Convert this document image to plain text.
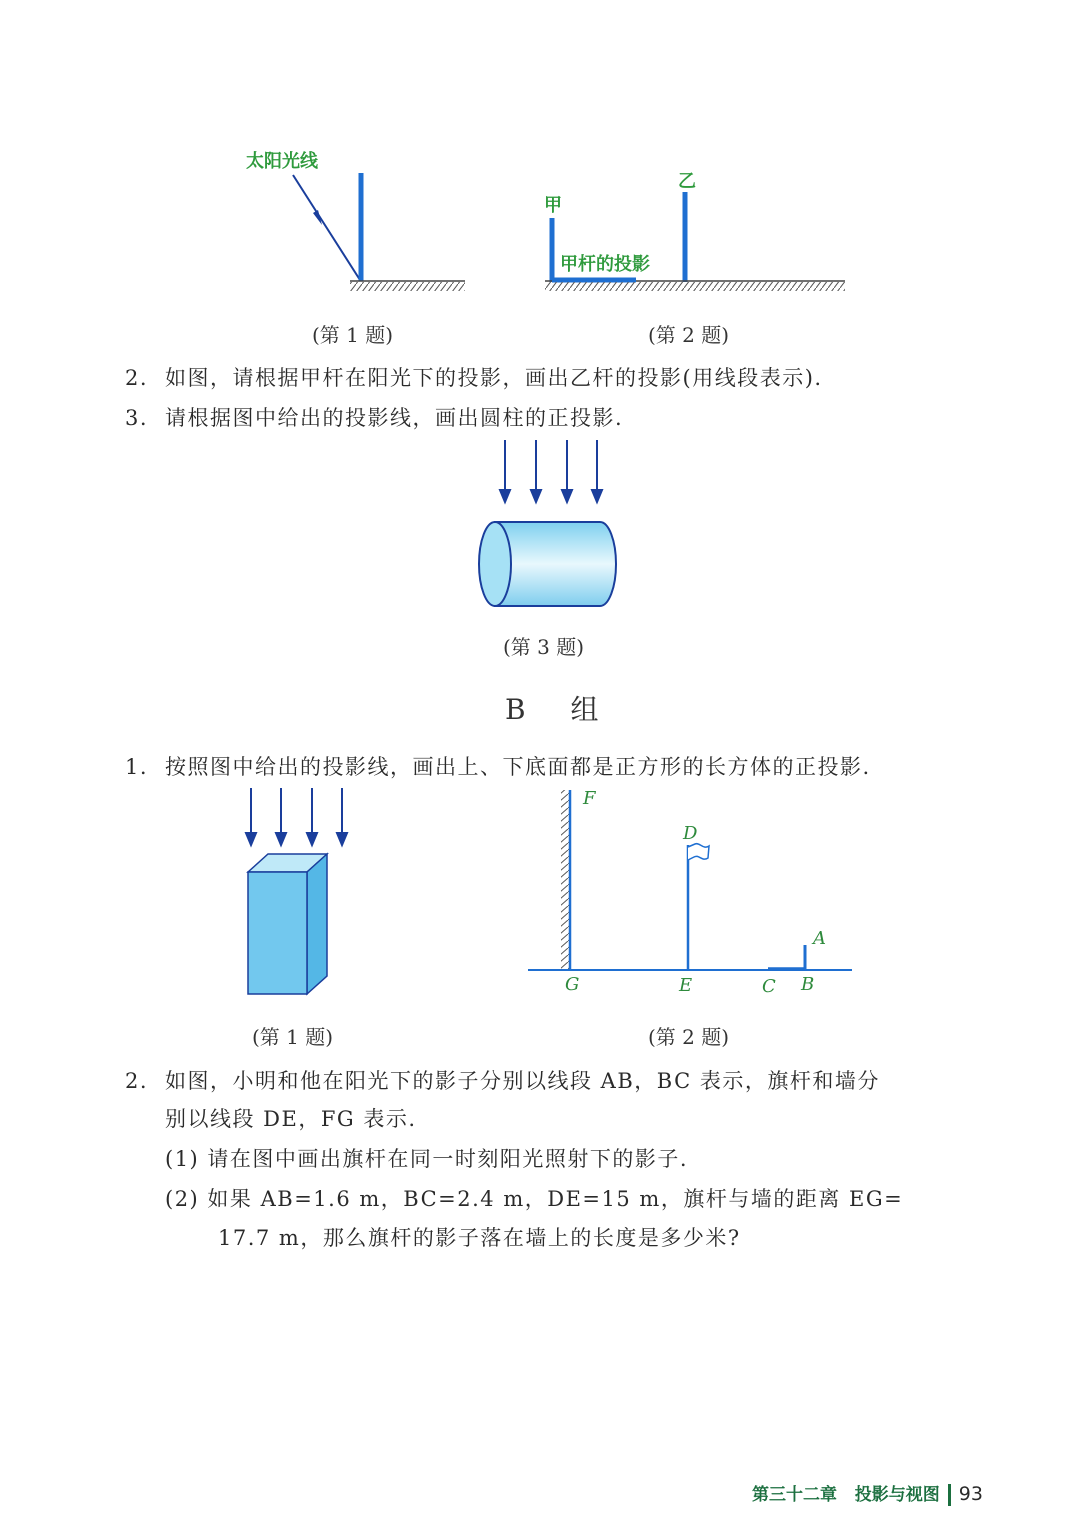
太阳光线
(第 1 题)
甲
乙
甲杆的投影
(第 2 题)
2. 如图，请根据甲杆在阳光下的投影，画出乙杆的投影(用线段表示).
3. 请根据图中给出的投影线，画出圆柱的正投影.
(第 3 题)
B 组
1. 按照图中给出的投影线，画出上、下底面都是正方形的长方体的正投影.
(第 1 题)
F
D
A
G	E	C B
(第 2 题)
2. 如图，小明和他在阳光下的影子分别以线段 AB，BC 表示，旗杆和墙分
别以线段 DE，FG 表示.
(1) 请在图中画出旗杆在同一时刻阳光照射下的影子.
(2) 如果 AB=1.6 m，BC=2.4 m，DE=15 m，旗杆与墙的距离 EG=
17.7 m，那么旗杆的影子落在墙上的长度是多少米?
第三十二章 投影与视图 93
